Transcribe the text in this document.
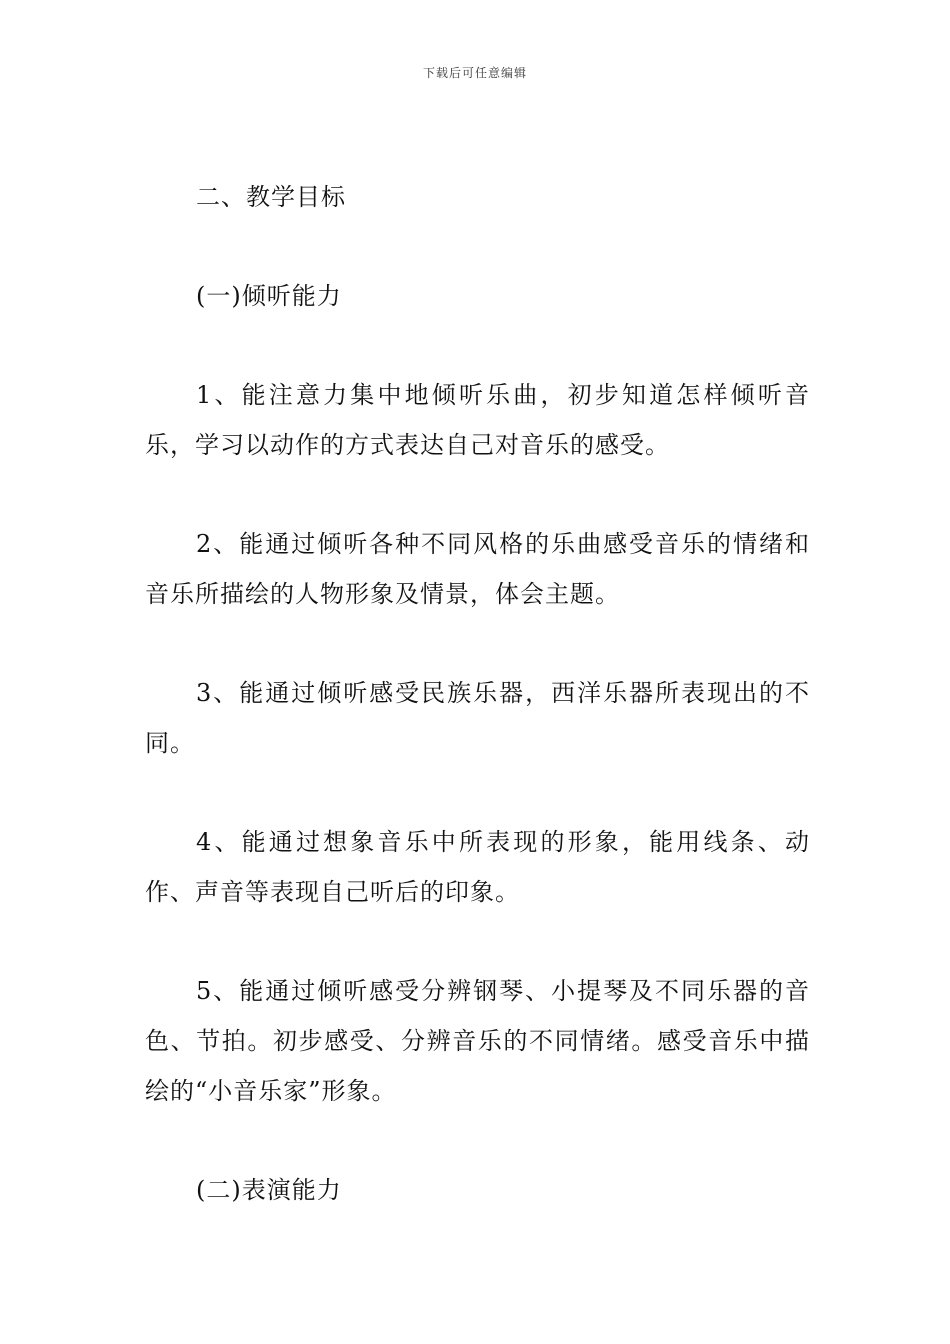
下载后可任意编辑
二、教学目标
(一)倾听能力

1、能注意力集中地倾听乐曲，初步知道怎样倾听音乐，学习以动作的方式表达自己对音乐的感受。

2、能通过倾听各种不同风格的乐曲感受音乐的情绪和音乐所描绘的人物形象及情景，体会主题。

3、能通过倾听感受民族乐器，西洋乐器所表现出的不同。

4、能通过想象音乐中所表现的形象，能用线条、动作、声音等表现自己听后的印象。

5、能通过倾听感受分辨钢琴、小提琴及不同乐器的音色、节拍。初步感受、分辨音乐的不同情绪。感受音乐中描绘的“小音乐家”形象。

(二)表演能力
